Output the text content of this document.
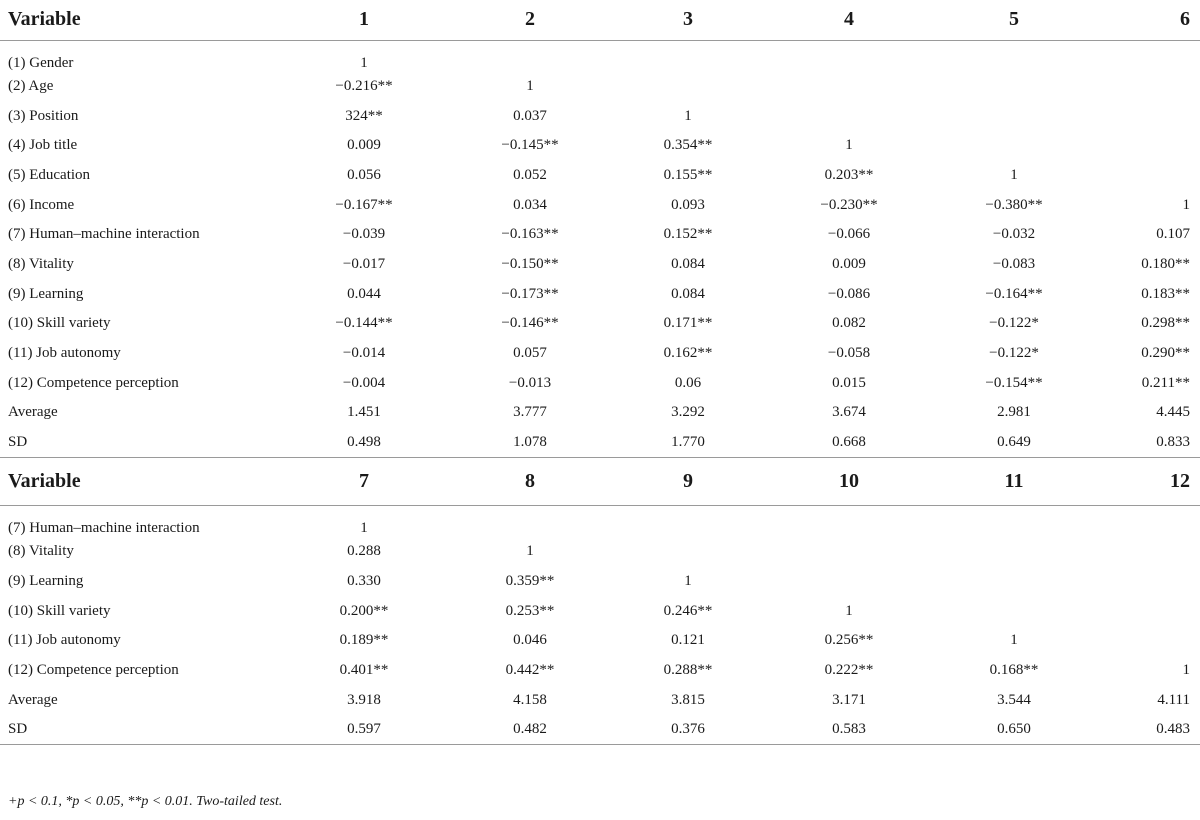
Variable	1	2	3	4	5	6
(1) Gender	1					
(2) Age	−0.216**	1				
(3) Position	324**	0.037	1			
(4) Job title	0.009	−0.145**	0.354**	1		
(5) Education	0.056	0.052	0.155**	0.203**	1	
(6) Income	−0.167**	0.034	0.093	−0.230**	−0.380**	1
(7) Human–machine interaction	−0.039	−0.163**	0.152**	−0.066	−0.032	0.107
(8) Vitality	−0.017	−0.150**	0.084	0.009	−0.083	0.180**
(9) Learning	0.044	−0.173**	0.084	−0.086	−0.164**	0.183**
(10) Skill variety	−0.144**	−0.146**	0.171**	0.082	−0.122*	0.298**
(11) Job autonomy	−0.014	0.057	0.162**	−0.058	−0.122*	0.290**
(12) Competence perception	−0.004	−0.013	0.06	0.015	−0.154**	0.211**
Average	1.451	3.777	3.292	3.674	2.981	4.445
SD	0.498	1.078	1.770	0.668	0.649	0.833
Variable	7	8	9	10	11	12
(7) Human–machine interaction	1					
(8) Vitality	0.288	1				
(9) Learning	0.330	0.359**	1			
(10) Skill variety	0.200**	0.253**	0.246**	1		
(11) Job autonomy	0.189**	0.046	0.121	0.256**	1	
(12) Competence perception	0.401**	0.442**	0.288**	0.222**	0.168**	1
Average	3.918	4.158	3.815	3.171	3.544	4.111
SD	0.597	0.482	0.376	0.583	0.650	0.483
+p < 0.1, *p < 0.05, **p < 0.01. Two-tailed test.
